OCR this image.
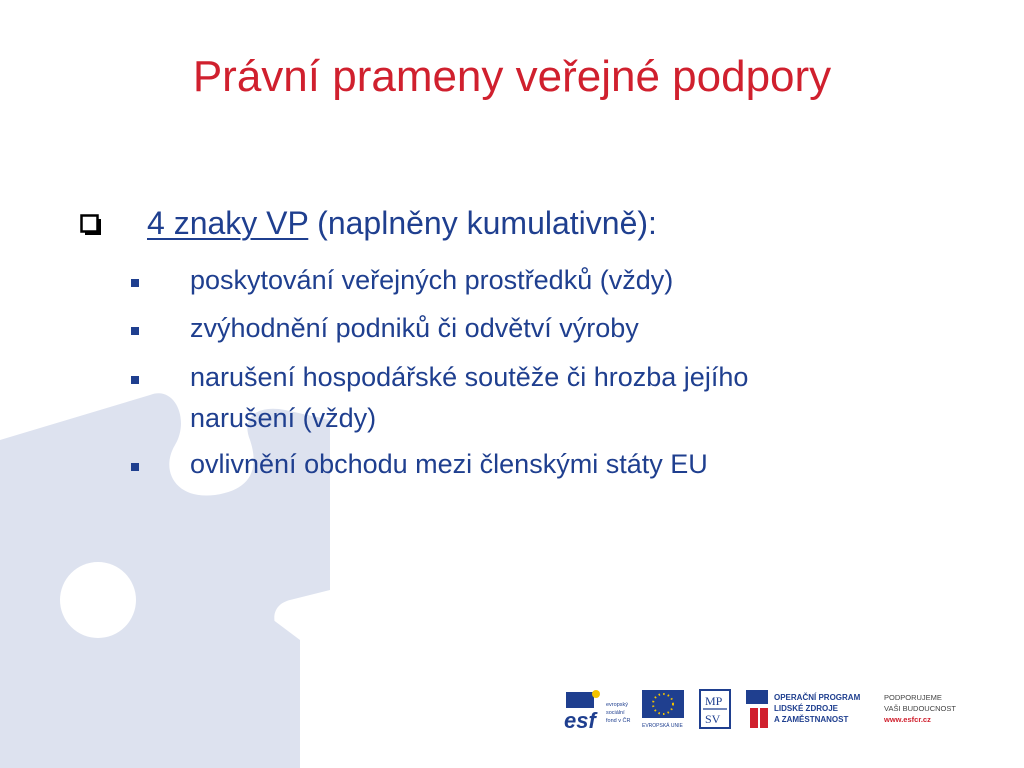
Právní prameny veřejné podpory
4 znaky VP (naplněny kumulativně):
poskytování veřejných prostředků (vždy)
zvýhodnění podniků či odvětví výroby
narušení hospodářské soutěže či hrozba jejího
narušení (vždy)
ovlivnění obchodu mezi členskými státy EU
esf
evropský
sociální
fond v ČR
EVROPSKÁ UNIE
MP
SV
OPERAČNÍ PROGRAM
LIDSKÉ ZDROJE
A ZAMĚSTNANOST
PODPORUJEME
VAŠI BUDOUCNOST
www.esfcr.cz
